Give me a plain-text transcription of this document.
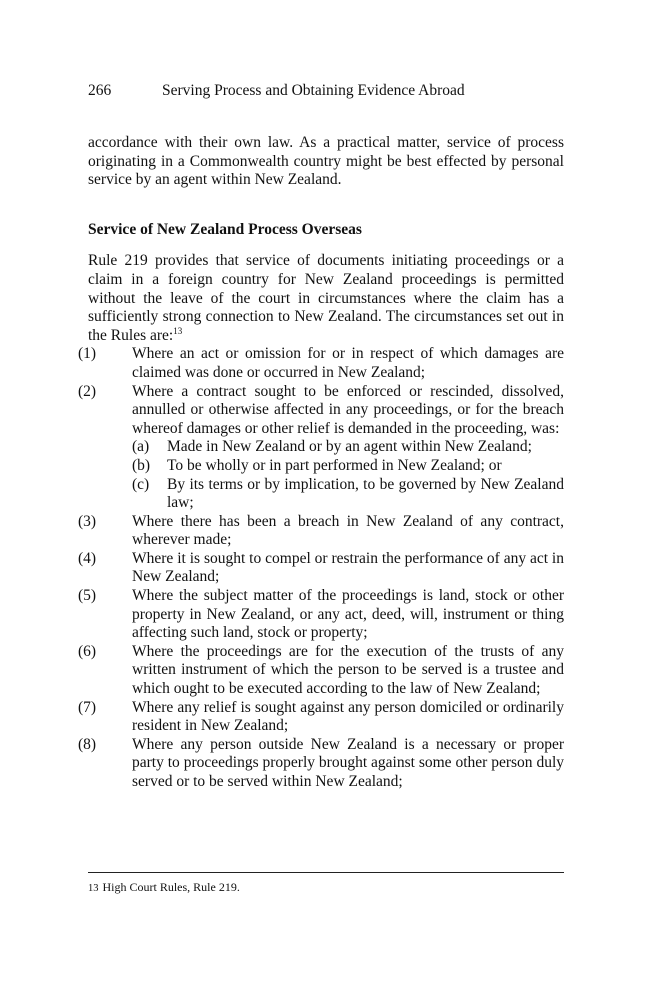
266	Serving Process and Obtaining Evidence Abroad

accordance with their own law. As a practical matter, service of process originating in a Commonwealth country might be best effected by personal service by an agent within New Zealand.

Service of New Zealand Process Overseas

Rule 219 provides that service of documents initiating proceedings or a claim in a foreign country for New Zealand proceedings is permitted without the leave of the court in circumstances where the claim has a sufficiently strong connection to New Zealand. The circumstances set out in the Rules are:$^{13}$

(1)	Where an act or omission for or in respect of which damages are claimed was done or occurred in New Zealand;
(2)	Where a contract sought to be enforced or rescinded, dissolved, annulled or otherwise affected in any proceedings, or for the breach whereof damages or other relief is demanded in the proceeding, was:
(a)	Made in New Zealand or by an agent within New Zealand;
(b)	To be wholly or in part performed in New Zealand; or
(c)	By its terms or by implication, to be governed by New Zealand law;
(3)	Where there has been a breach in New Zealand of any contract, wherever made;
(4)	Where it is sought to compel or restrain the performance of any act in New Zealand;
(5)	Where the subject matter of the proceedings is land, stock or other property in New Zealand, or any act, deed, will, instrument or thing affecting such land, stock or property;
(6)	Where the proceedings are for the execution of the trusts of any written instrument of which the person to be served is a trustee and which ought to be executed according to the law of New Zealand;
(7)	Where any relief is sought against any person domiciled or ordinarily resident in New Zealand;
(8)	Where any person outside New Zealand is a necessary or proper party to proceedings properly brought against some other person duly served or to be served within New Zealand;
13 High Court Rules, Rule 219.
